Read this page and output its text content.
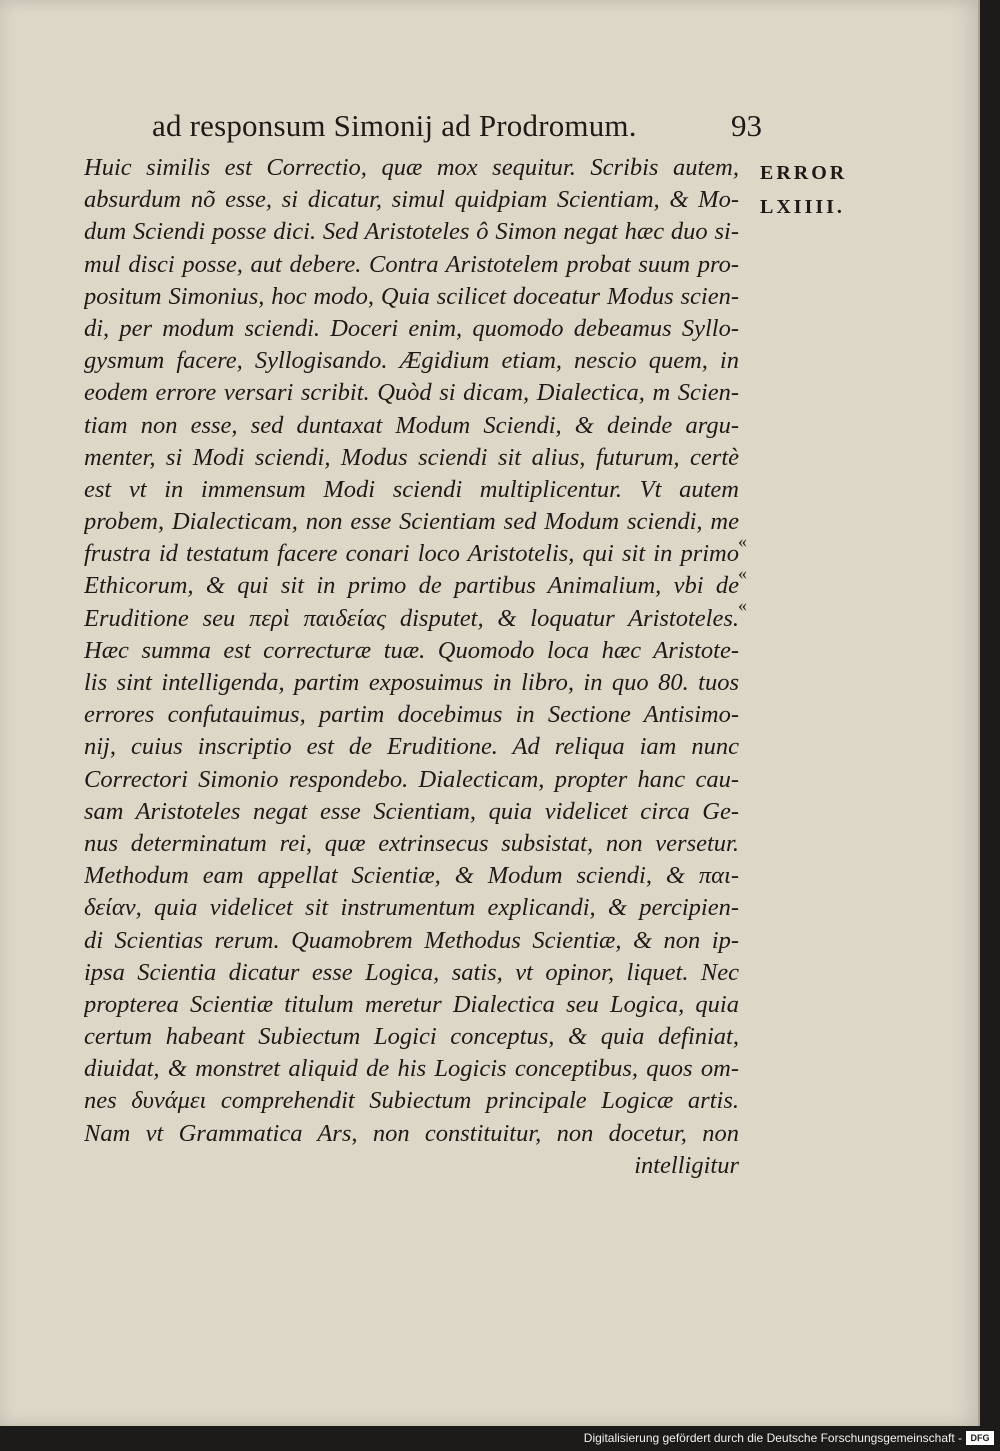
ad responsum Simonij ad Prodromum.	93
ERROR
LXIIII.
«
«
«
Huic similis est Correctio, quæ mox sequitur. Scribis autem,
absurdum nõ esse, si dicatur, simul quidpiam Scientiam, & Mo-
dum Sciendi posse dici. Sed Aristoteles ô Simon negat hæc duo si-
mul disci posse, aut debere. Contra Aristotelem probat suum pro-
positum Simonius, hoc modo, Quia scilicet doceatur Modus scien-
di, per modum sciendi. Doceri enim, quomodo debeamus Syllo-
gysmum facere, Syllogisando. Ægidium etiam, nescio quem, in
eodem errore versari scribit. Quòd si dicam, Dialectica, m Scien-
tiam non esse, sed duntaxat Modum Sciendi, & deinde argu-
menter, si Modi sciendi, Modus sciendi sit alius, futurum, certè
est vt in immensum Modi sciendi multiplicentur. Vt autem
probem, Dialecticam, non esse Scientiam sed Modum sciendi, me
frustra id testatum facere conari loco Aristotelis, qui sit in primo
Ethicorum, & qui sit in primo de partibus Animalium, vbi de
Eruditione seu περὶ παιδείας disputet, & loquatur Aristoteles.
Hæc summa est correcturæ tuæ. Quomodo loca hæc Aristote-
lis sint intelligenda, partim exposuimus in libro, in quo 80. tuos
errores confutauimus, partim docebimus in Sectione Antisimo-
nij, cuius inscriptio est de Eruditione. Ad reliqua iam nunc
Correctori Simonio respondebo. Dialecticam, propter hanc cau-
sam Aristoteles negat esse Scientiam, quia videlicet circa Ge-
nus determinatum rei, quæ extrinsecus subsistat, non versetur.
Methodum eam appellat Scientiæ, & Modum sciendi, & παι-
δείαν, quia videlicet sit instrumentum explicandi, & percipien-
di Scientias rerum. Quamobrem Methodus Scientiæ, & non ip-
ipsa Scientia dicatur esse Logica, satis, vt opinor, liquet. Nec
propterea Scientiæ titulum meretur Dialectica seu Logica, quia
certum habeant Subiectum Logici conceptus, & quia definiat,
diuidat, & monstret aliquid de his Logicis conceptibus, quos om-
nes δυνάμει comprehendit Subiectum principale Logicæ artis.
Nam vt Grammatica Ars, non constituitur, non docetur, non
intelligitur
Digitalisierung gefördert durch die Deutsche Forschungsgemeinschaft - DFG
